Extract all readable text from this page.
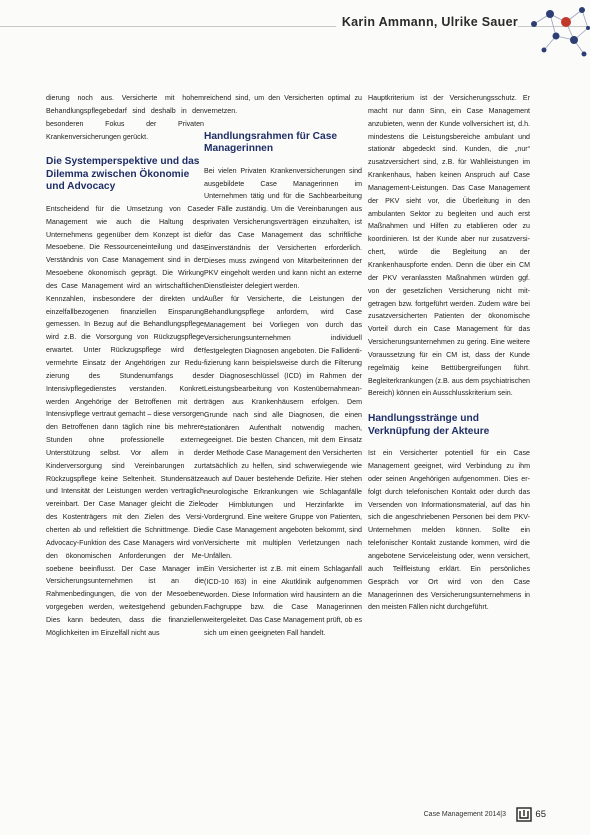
Karin Ammann, Ulrike Sauer

dierung noch aus. Versicherte mit hohem Behandlungspflegebedarf sind deshalb in den besonderen Fokus der Privaten Krankenversicherungen gerückt.

Die Systemperspektive und das Dilemma zwischen Ökonomie und Advocacy

Entscheidend für die Umsetzung von Case Management wie auch die Haltung des Unternehmens gegenüber dem Konzept ist die Mesoebene. Die Ressourceneinteilung und das Verständnis von Case Management sind in der Mesoebene ökonomisch geprägt. Die Wirkung des Case Management wird an wirtschaftlichen Kennzahlen, insbesondere der direkten und einzelfallbezogenen finanziellen Einsparung gemessen. In Bezug auf die Behandlungspflege wird z.B. die Vorsorgung von Rückzugspflege erwartet. Unter Rückzugspflege wird der vermehrte Einsatz der Angehörigen zur Reduzierung des Stundenumfangs des Intensivpflegedienstes verstanden. Konkret werden Angehörige der Betroffenen mit der Intensivpflege vertraut gemacht – diese versorgen den Betroffenen dann täglich nine bis mehrere Stunden ohne professionelle externe Unterstützung selbst. Vor allem in der Kinderversorgung sind Vereinbarungen zur Rückzugspflege keine Seltenheit. Stundensätze und Intensität der Leistungen werden vertraglich vereinbart. Der Case Manager gleicht die Ziele des Kostenträgers mit den Zielen des Versicherten ab und reflektiert die Schnittmenge. Die Advocacy-Funktion des Case Managers wird von den ökonomischen Anforderungen der Mesoebene beeinflusst. Der Case Manager im Versicherungsunternehmen ist an die Rahmenbedingungen, die von der Mesoebene vorgegeben werden, weitestgehend gebunden. Dies kann bedeuten, dass die finanziellen Möglichkeiten im Einzelfall nicht aus

reichend sind, um den Versicherten optimal zu vernetzen.

Handlungsrahmen für Case Managerinnen

Bei vielen Privaten Krankenversicherungen sind ausgebildete Case Managerinnen im Unternehmen tätig und für die Sachbearbeitung der Fälle zuständig. Um die Vereinbarungen aus privaten Versicherungsverträgen einzuhalten, ist für das Case Management das schriftliche Einverständnis der Versicherten erforderlich. Dieses muss zwingend von Mitarbeiterinnen der PKV eingeholt werden und kann nicht an externe Dienstleister delegiert werden.

Außer für Versicherte, die Leistungen der Behandlungspflege anfordern, wird Case Management bei Vorliegen von durch das Versicherungsunternehmen individuell festgelegten Diagnosen angeboten. Die Fallidentifizierung kann beispielsweise durch die Filterung der Diagnoseschlüssel (ICD) im Rahmen der Leistungsbearbeitung von Kostenübernahmeanträgen aus Krankenhäusern erfolgen. Dem Grunde nach sind alle Diagnosen, die einen stationären Aufenthalt notwendig machen, geeignet. Die besten Chancen, mit dem Einsatz der Methode Case Management den Versicherten tatsächlich zu helfen, sind schwerwiegende wie auch auf Dauer bestehende Defizite. Hier stehen neurologische Erkrankungen wie Schlaganfälle oder Hirnblutungen und Herzinfarkte im Vordergrund. Eine weitere Gruppe von Patienten, die Case Management angeboten bekommt, sind Versicherte mit multiplen Verletzungen nach Unfällen.

Ein Versicherter ist z.B. mit einem Schlaganfall (ICD-10 I63) in eine Akutklinik aufgenommen worden. Diese Information wird hausintern an die Fachgruppe bzw. die Case Managerinnen weitergeleitet. Das Case Management prüft, ob es sich um einen geeigneten Fall handelt.

Hauptkriterium ist der Versicherungsschutz. Er macht nur dann Sinn, ein Case Management anzubieten, wenn der Kunde vollversichert ist, d.h. mindestens die Leistungsbereiche ambulant und stationär abgedeckt sind. Kunden, die „nur“ zusatzversichert sind, z.B. für Wahlleistungen im Krankenhaus, haben keinen Anspruch auf Case Management-Leistungen. Das Case Management der PKV sieht vor, die Überleitung in den ambulanten Sektor zu begleiten und auch erst Maßnahmen und Hilfen zu etablieren oder zu koordinieren. Ist der Kunde aber nur zusatzversichert, würde die Begleitung an der Krankenhauspforte enden. Denn die über ein CM der PKV veranlassten Maßnahmen würden ggf. von der gesetzlichen Versicherung nicht mitgetragen bzw. fortgeführt werden. Zudem wäre bei zusatzversicherten Patienten der ökonomische Vorteil durch ein Case Management für das Versicherungsunternehmen zu gering. Eine weitere Voraussetzung für ein CM ist, dass der Kunde regelmäig keine Bettübergreifungen führt. Begleiterkrankungen (z.B. aus dem psychiatrischen Bereich) können ein Ausschlusskriterium sein.

Handlungsstränge und Verknüpfung der Akteure

Ist ein Versicherter potentiell für ein Case Management geeignet, wird Verbindung zu ihm oder seinen Angehörigen aufgenommen. Dies erfolgt durch telefonischen Kontakt oder durch das Versenden von Informationsmaterial, auf das hin sich die angeschriebenen Personen bei dem PKV-Unternehmen melden können. Sollte ein telefonischer Kontakt zustande kommen, wird die angebotene Serviceleistung oder, wenn versichert, auch Teilfleistung erklärt. Ein persönliches Gespräch vor Ort wird von den Case Managerinnen des Versicherungsunternehmens in den meisten Fällen nicht durchgeführt.

Case Management 2014|3	65
